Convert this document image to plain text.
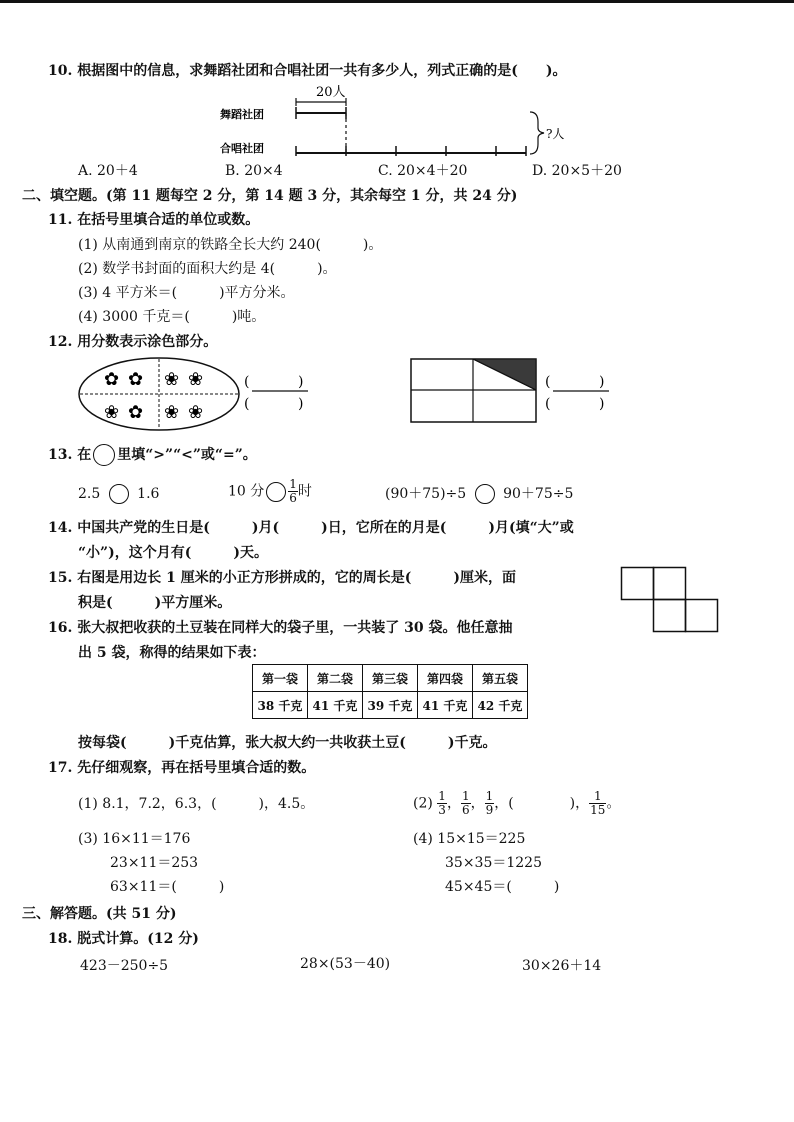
10. 根据图中的信息，求舞蹈社团和合唱社团一共有多少人，列式正确的是(　　)。
20人
舞蹈社团
合唱社团
?人
A. 20＋4	B. 20×4	C. 20×4＋20	D. 20×5＋20
二、填空题。(第 11 题每空 2 分，第 14 题 3 分，其余每空 1 分，共 24 分)
11. 在括号里填合适的单位或数。
(1) 从南通到南京的铁路全长大约 240(　　　)。
(2) 数学书封面的面积大约是 4(　　　)。
(3) 4 平方米＝(　　　)平方分米。
(4) 3000 千克＝(　　　)吨。
12. 用分数表示涂色部分。
✿ ✿ ❀ ❀
❀ ✿ ❀ ❀
(	)
(	)
(	)
(	)
13. 在 里填“>”“<”或“=”。
2.5	1.6	10 分 $\frac{1}{6}$ 时	(90＋75)÷5	90＋75÷5
14. 中国共产党的生日是(　　　)月(　　　)日，它所在的月是(　　　)月(填“大”或
“小”)，这个月有(　　　)天。
15. 右图是用边长 1 厘米的小正方形拼成的，它的周长是(　　　)厘米，面
积是(　　　)平方厘米。
16. 张大叔把收获的土豆装在同样大的袋子里，一共装了 30 袋。他任意抽
出 5 袋，称得的结果如下表：
第一袋	第二袋	第三袋	第四袋	第五袋
38 千克	41 千克	39 千克	41 千克	42 千克
按每袋(　　　)千克估算，张大叔大约一共收获土豆(　　　)千克。
17. 先仔细观察，再在括号里填合适的数。
(1) 8.1，7.2，6.3，(　　　)，4.5。	$(2) \frac{1}{3}$ ， $\frac{1}{6}$ ， $\frac{1}{9}$ ，(　　　　)， $\frac{1}{15}$ 。
(3) 16×11＝176
23×11＝253
63×11＝(　　　)
(4) 15×15＝225
35×35＝1225
45×45＝(　　　)
三、解答题。(共 51 分)
18. 脱式计算。(12 分)
423－250÷5	28×(53－40)	30×26＋14
